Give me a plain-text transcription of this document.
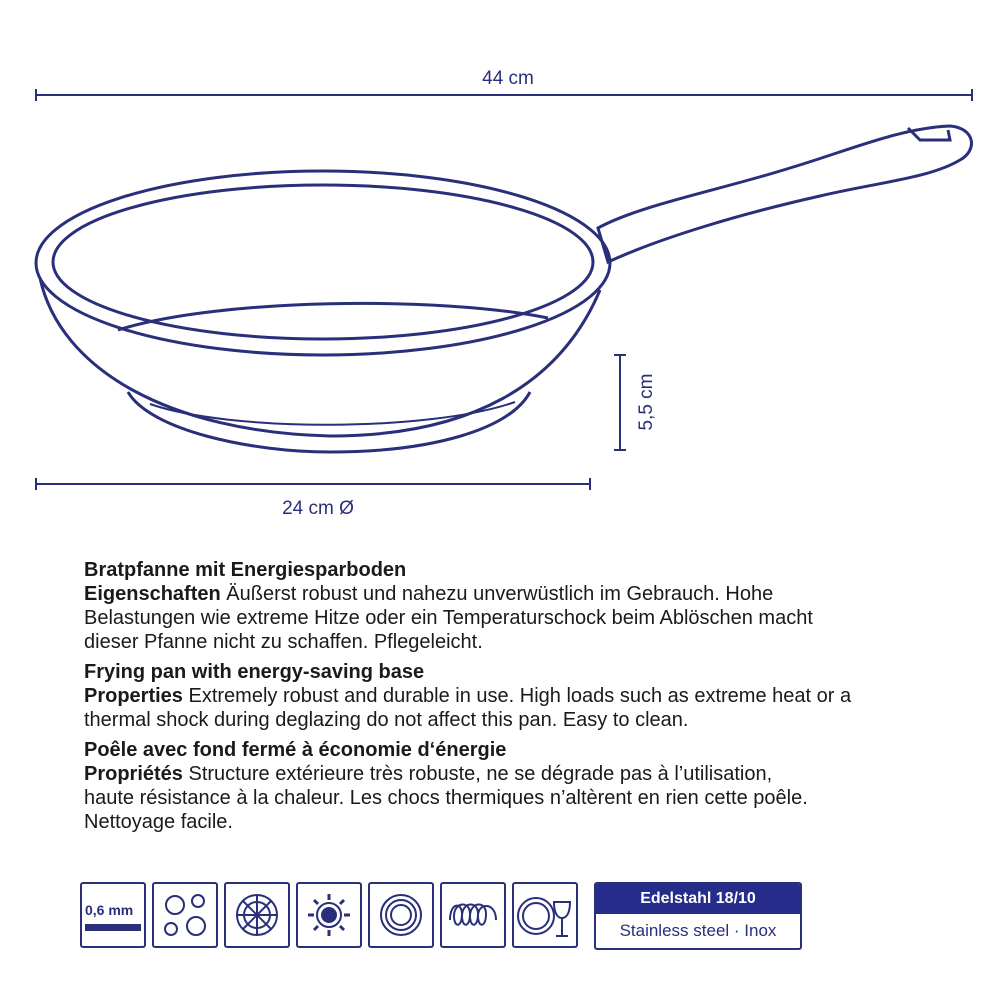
44 cm
24 cm Ø
5,5 cm
Bratpfanne mit Energiesparboden
Eigenschaften Äußerst robust und nahezu unverwüstlich im Gebrauch. Hohe
Belastungen wie extreme Hitze oder ein Temperaturschock beim Ablöschen macht
dieser Pfanne nicht zu schaffen. Pflegeleicht.
Frying pan with energy-saving base
Properties Extremely robust and durable in use. High loads such as extreme heat or a
thermal shock during deglazing do not affect this pan. Easy to clean.
Poêle avec fond fermé à économie d‘énergie
Propriétés Structure extérieure très robuste, ne se dégrade pas à l’utilisation,
haute résistance à la chaleur. Les chocs thermiques n’altèrent en rien cette poêle.
Nettoyage facile.
0,6 mm
Edelstahl 18/10
Stainless steel · Inox
